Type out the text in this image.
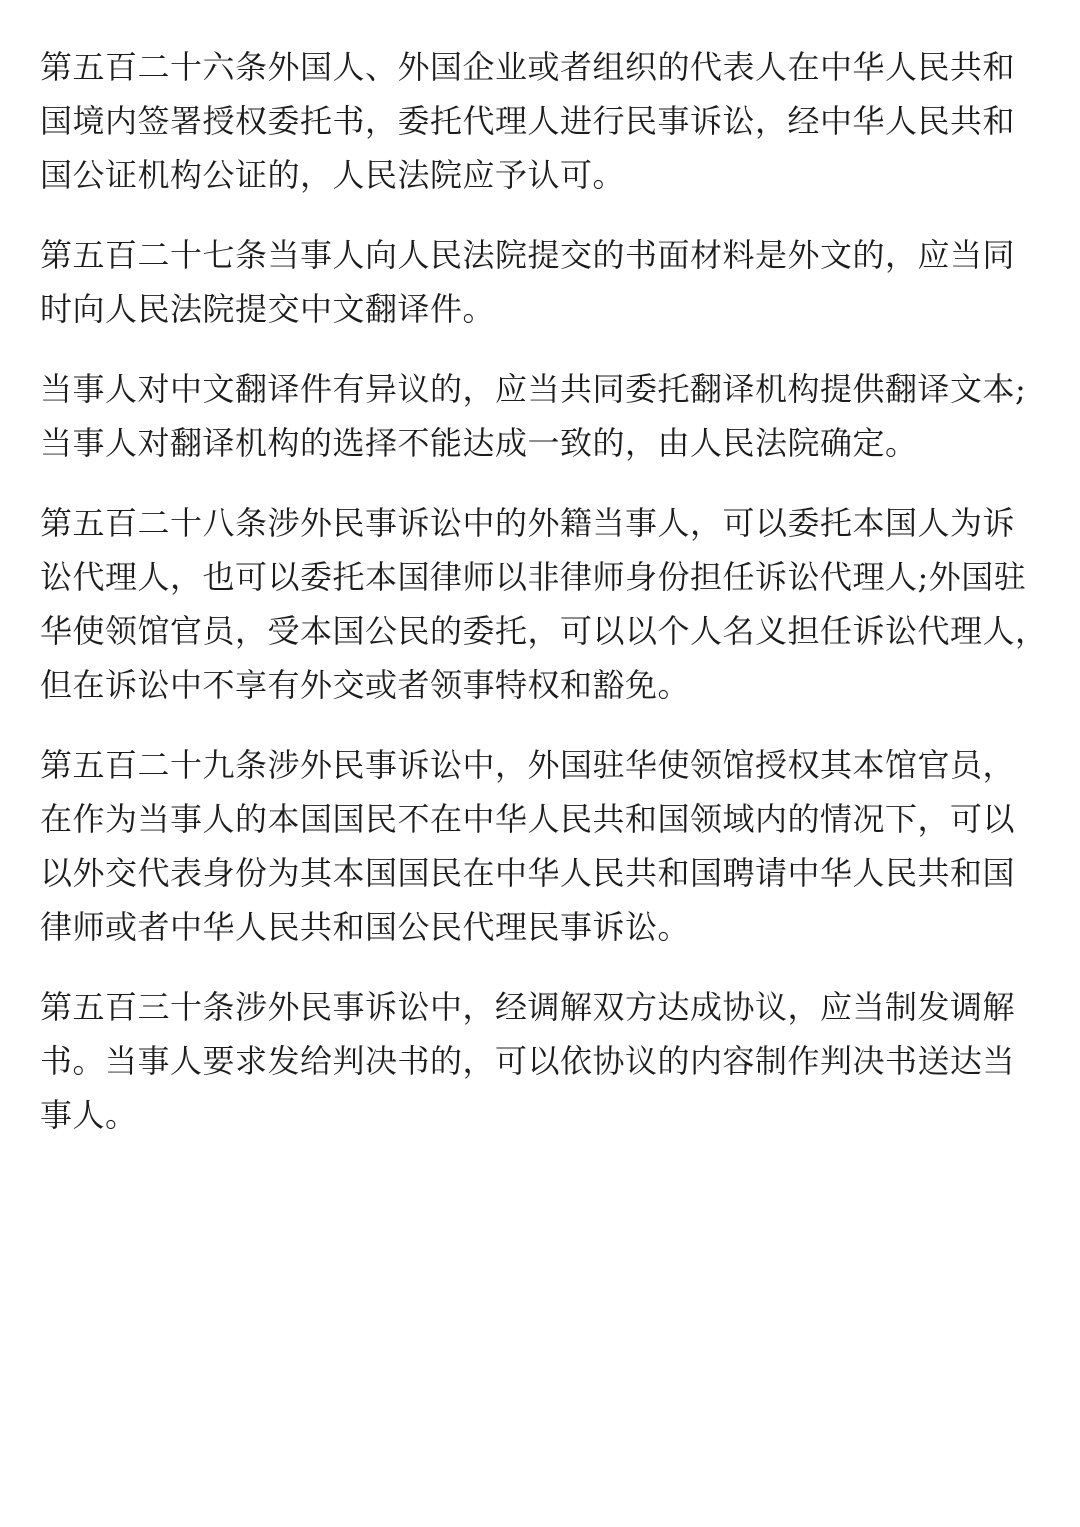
第五百二十六条外国人、外国企业或者组织的代表人在中华人民共和
国境内签署授权委托书，委托代理人进行民事诉讼，经中华人民共和
国公证机构公证的，人民法院应予认可。
第五百二十七条当事人向人民法院提交的书面材料是外文的，应当同
时向人民法院提交中文翻译件。
当事人对中文翻译件有异议的，应当共同委托翻译机构提供翻译文本;
当事人对翻译机构的选择不能达成一致的，由人民法院确定。
第五百二十八条涉外民事诉讼中的外籍当事人，可以委托本国人为诉
讼代理人，也可以委托本国律师以非律师身份担任诉讼代理人;外国驻
华使领馆官员，受本国公民的委托，可以以个人名义担任诉讼代理人，
但在诉讼中不享有外交或者领事特权和豁免。
第五百二十九条涉外民事诉讼中，外国驻华使领馆授权其本馆官员，
在作为当事人的本国国民不在中华人民共和国领域内的情况下，可以
以外交代表身份为其本国国民在中华人民共和国聘请中华人民共和国
律师或者中华人民共和国公民代理民事诉讼。
第五百三十条涉外民事诉讼中，经调解双方达成协议，应当制发调解
书。当事人要求发给判决书的，可以依协议的内容制作判决书送达当
事人。
